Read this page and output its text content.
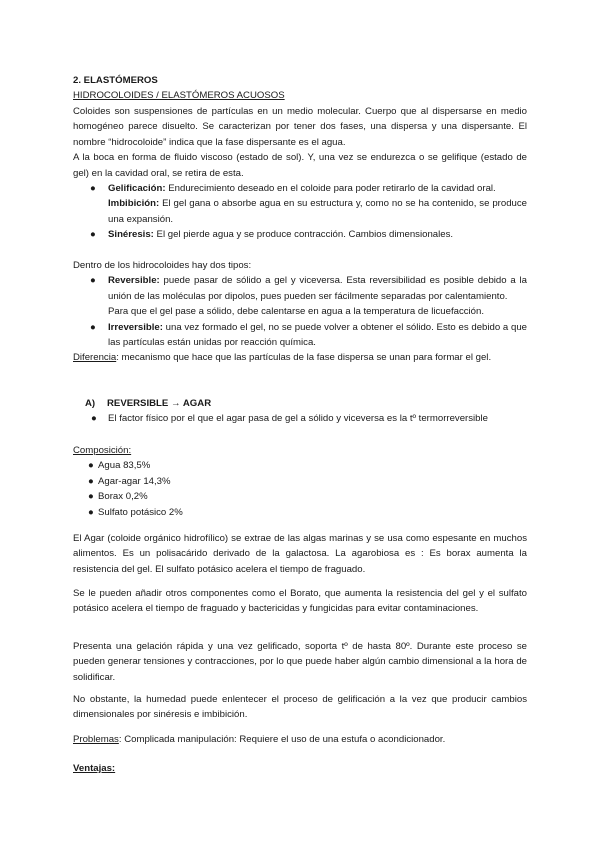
2. ELASTÓMEROS

HIDROCOLOIDES / ELASTÓMEROS ACUOSOS

Coloides son suspensiones de partículas en un medio molecular. Cuerpo que al dispersarse en medio homogéneo parece disuelto. Se caracterizan por tener dos fases, una dispersa y una dispersante. El nombre “hidrocoloide” indica que la fase dispersante es el agua.

A la boca en forma de fluido viscoso (estado de sol). Y, una vez se endurezca o se gelifique (estado de gel) en la cavidad oral, se retira de esta.

● Gelificación: Endurecimiento deseado en el coloide para poder retirarlo de la cavidad oral.

Imbibición: El gel gana o absorbe agua en su estructura y, como no se ha contenido, se produce una expansión.

● Sinéresis: El gel pierde agua y se produce contracción. Cambios dimensionales.

Dentro de los hidrocoloides hay dos tipos:

● Reversible: puede pasar de sólido a gel y viceversa. Esta reversibilidad es posible debido a la unión de las moléculas por dipolos, pues pueden ser fácilmente separadas por calentamiento.

Para que el gel pase a sólido, debe calentarse en agua a la temperatura de licuefacción.

● Irreversible: una vez formado el gel, no se puede volver a obtener el sólido. Esto es debido a que las partículas están unidas por reacción química.

Diferencia: mecanismo que hace que las partículas de la fase dispersa se unan para formar el gel.

A) REVERSIBLE → AGAR

● El factor físico por el que el agar pasa de gel a sólido y viceversa es la tº termorreversible

Composición:

● Agua 83,5%
● Agar-agar 14,3%
● Borax 0,2%
● Sulfato potásico 2%

El Agar (coloide orgánico hidrofílico) se extrae de las algas marinas y se usa como espesante en muchos alimentos. Es un polisacárido derivado de la galactosa. La agarobiosa es : Es borax aumenta la resistencia del gel. El sulfato potásico acelera el tiempo de fraguado.

Se le pueden añadir otros componentes como el Borato, que aumenta la resistencia del gel y el sulfato potásico acelera el tiempo de fraguado y bactericidas y fungicidas para evitar contaminaciones.

Presenta una gelación rápida y una vez gelificado, soporta tº de hasta 80º. Durante este proceso se pueden generar tensiones y contracciones, por lo que puede haber algún cambio dimensional a la hora de solidificar.

No obstante, la humedad puede enlentecer el proceso de gelificación a la vez que producir cambios dimensionales por sinéresis e imbibición.

Problemas: Complicada manipulación: Requiere el uso de una estufa o acondicionador.

Ventajas:
